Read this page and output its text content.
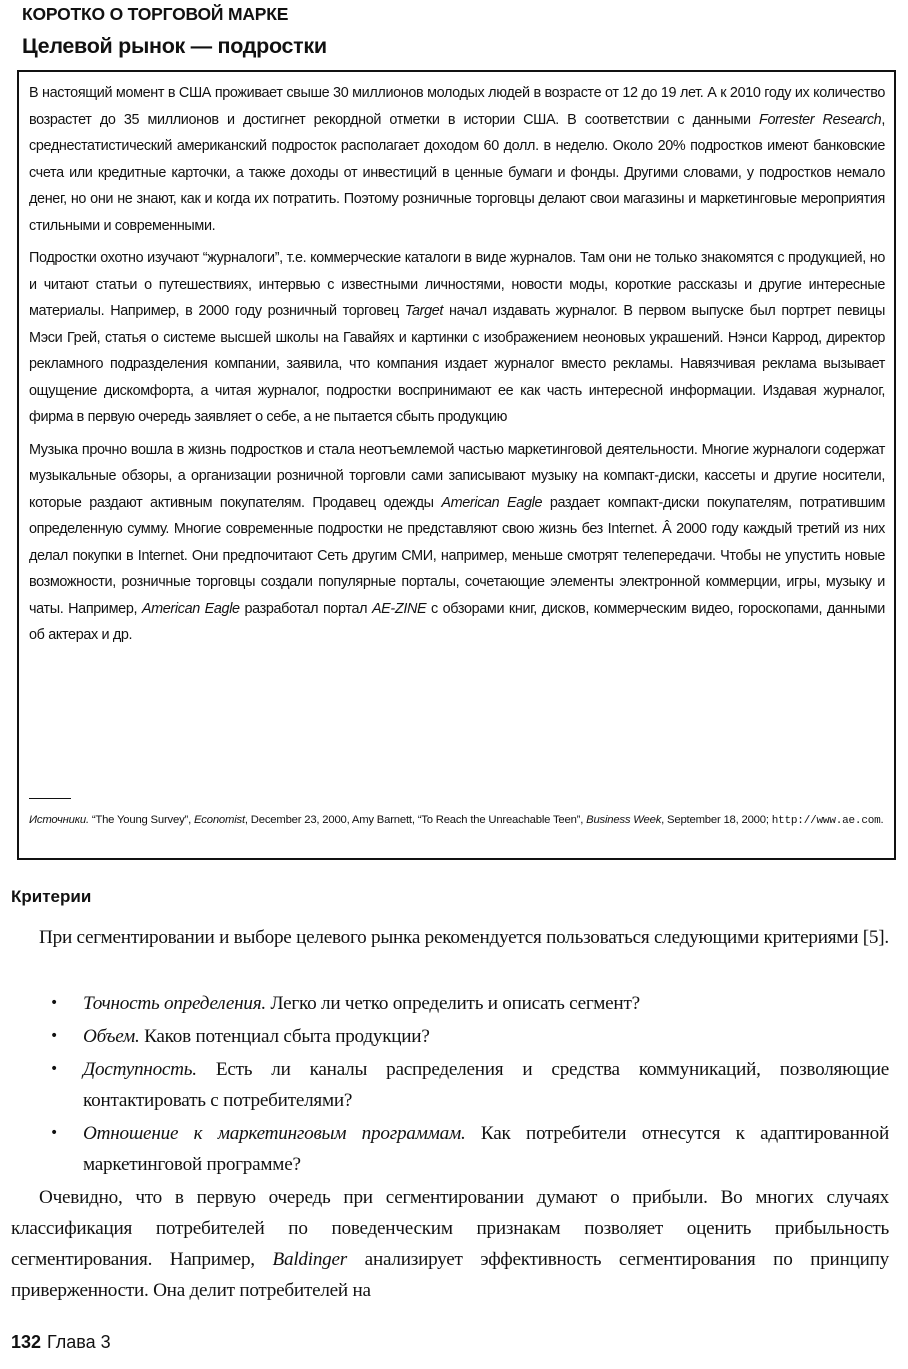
КОРОТКО О ТОРГОВОЙ МАРКЕ
Целевой рынок — подростки

В настоящий момент в США проживает свыше 30 миллионов молодых людей в возрасте от 12 до 19 лет. А к 2010 году их количество возрастет до 35 миллионов и достигнет рекордной отметки в истории США. В соответствии с данными Forrester Research, среднестатистический американский подросток располагает доходом 60 долл. в неделю. Около 20% подростков имеют банковские счета или кредитные карточки, а также доходы от инвестиций в ценные бумаги и фонды. Другими словами, у подростков немало денег, но они не знают, как и когда их потратить. Поэтому розничные торговцы делают свои магазины и маркетинговые мероприятия стильными и современными.

Подростки охотно изучают “журналоги”, т.е. коммерческие каталоги в виде журналов. Там они не только знакомятся с продукцией, но и читают статьи о путешествиях, интервью с известными личностями, новости моды, короткие рассказы и другие интересные материалы. Например, в 2000 году розничный торговец Target начал издавать журналог. В первом выпуске был портрет певицы Мэси Грей, статья о системе высшей школы на Гавайях и картинки с изображением неоновых украшений. Нэнси Каррод, директор рекламного подразделения компании, заявила, что компания издает журналог вместо рекламы. Навязчивая реклама вызывает ощущение дискомфорта, а читая журналог, подростки воспринимают ее как часть интересной информации. Издавая журналог, фирма в первую очередь заявляет о себе, а не пытается сбыть продукцию

Музыка прочно вошла в жизнь подростков и стала неотъемлемой частью маркетинговой деятельности. Многие журналоги содержат музыкальные обзоры, а организации розничной торговли сами записывают музыку на компакт-диски, кассеты и другие носители, которые раздают активным покупателям. Продавец одежды American Eagle раздает компакт-диски покупателям, потратившим определенную сумму. Многие современные подростки не представляют свою жизнь без Internet. Â 2000 году каждый третий из них делал покупки в Internet. Они предпочитают Сеть другим СМИ, например, меньше смотрят телепередачи. Чтобы не упустить новые возможности, розничные торговцы создали популярные порталы, сочетающие элементы электронной коммерции, игры, музыку и чаты. Например, American Eagle разработал портал AE-ZINE с обзорами книг, дисков, коммерческим видео, гороскопами, данными об актерах и др.

Источники. “The Young Survey”, Economist, December 23, 2000, Amy Barnett, “To Reach the Unreachable Teen”, Business Week, September 18, 2000; http://www.ae.com.
Критерии
При сегментировании и выборе целевого рынка рекомендуется пользоваться следующими критериями [5].
• Точность определения. Легко ли четко определить и описать сегмент?
• Объем. Каков потенциал сбыта продукции?
• Доступность. Есть ли каналы распределения и средства коммуникаций, позволяющие контактировать с потребителями?
• Отношение к маркетинговым программам. Как потребители отнесутся к адаптированной маркетинговой программе?
Очевидно, что в первую очередь при сегментировании думают о прибыли. Во многих случаях классификация потребителей по поведенческим признакам позволяет оценить прибыльность сегментирования. Например, Baldinger анализирует эффективность сегментирования по принципу приверженности. Она делит потребителей на
132 Глава 3
